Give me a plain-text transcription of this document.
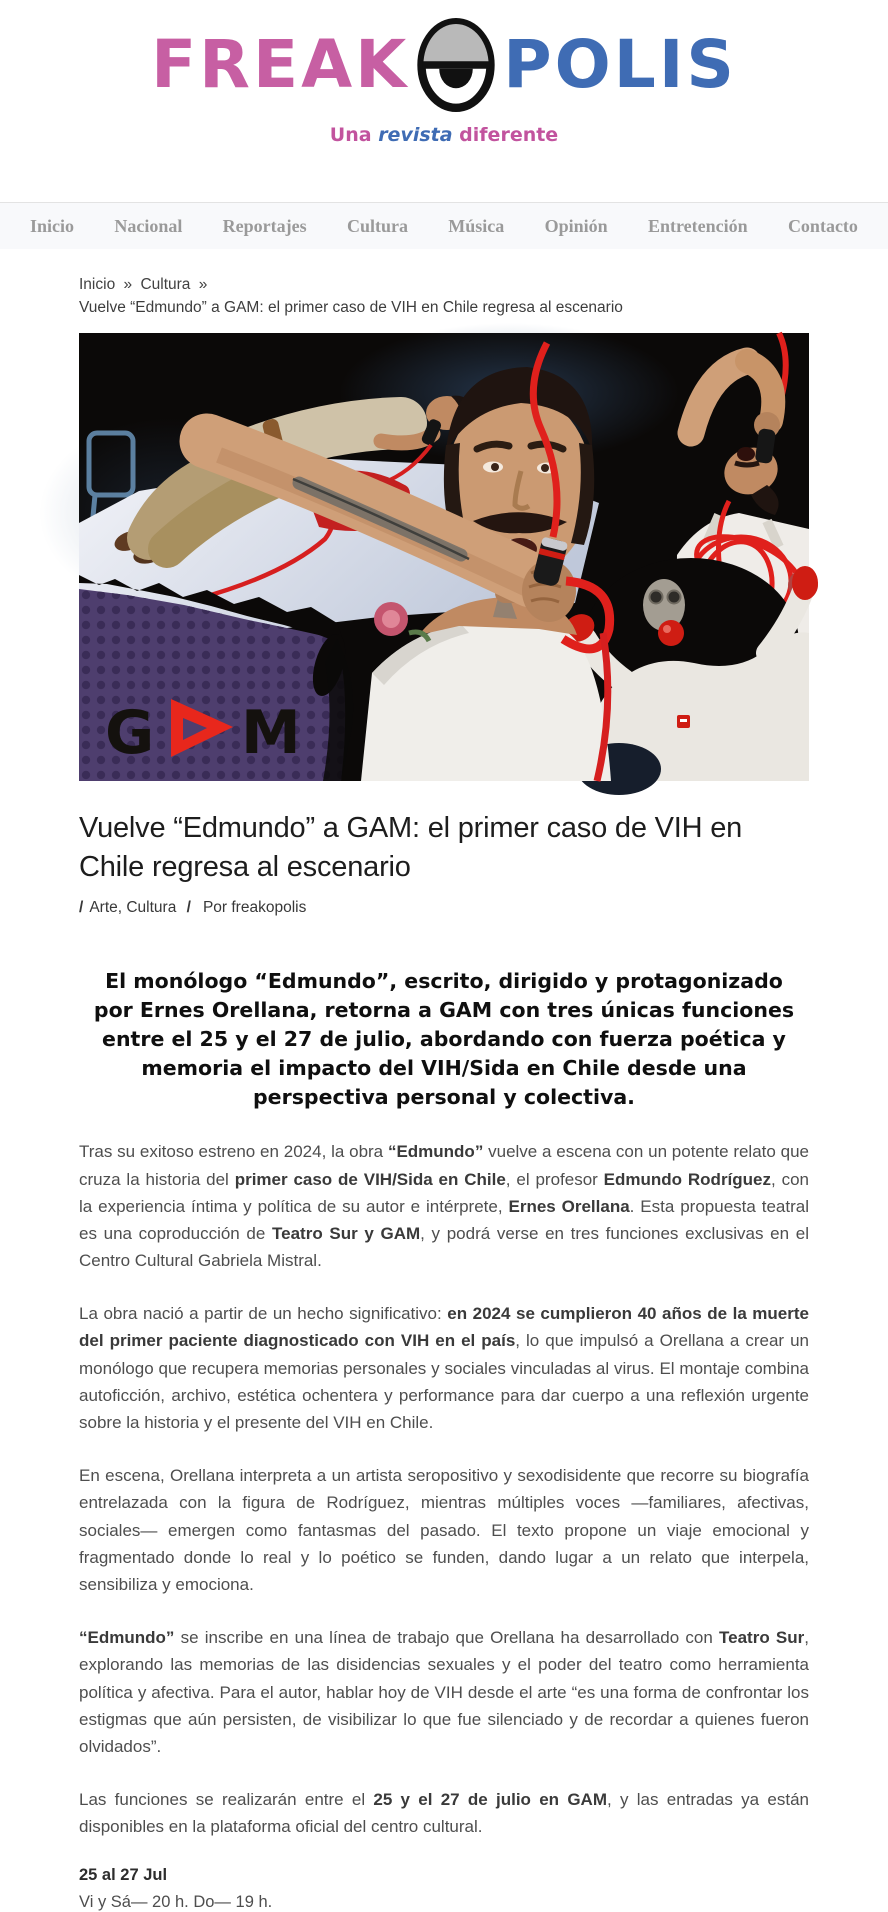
FREAK POLIS
Una revista diferente
Inicio Nacional Reportajes Cultura Música Opinión Entretención Contacto
Inicio » Cultura »
Vuelve “Edmundo” a GAM: el primer caso de VIH en Chile regresa al escenario
G M
Vuelve “Edmundo” a GAM: el primer caso de VIH en Chile regresa al escenario
/ Arte, Cultura / Por freakopolis

El monólogo “Edmundo”, escrito, dirigido y protagonizado por Ernes Orellana, retorna a GAM con tres únicas funciones entre el 25 y el 27 de julio, abordando con fuerza poética y memoria el impacto del VIH/Sida en Chile desde una perspectiva personal y colectiva.

Tras su exitoso estreno en 2024, la obra “Edmundo” vuelve a escena con un potente relato que cruza la historia del primer caso de VIH/Sida en Chile, el profesor Edmundo Rodríguez, con la experiencia íntima y política de su autor e intérprete, Ernes Orellana. Esta propuesta teatral es una coproducción de Teatro Sur y GAM, y podrá verse en tres funciones exclusivas en el Centro Cultural Gabriela Mistral.

La obra nació a partir de un hecho significativo: en 2024 se cumplieron 40 años de la muerte del primer paciente diagnosticado con VIH en el país, lo que impulsó a Orellana a crear un monólogo que recupera memorias personales y sociales vinculadas al virus. El montaje combina autoficción, archivo, estética ochentera y performance para dar cuerpo a una reflexión urgente sobre la historia y el presente del VIH en Chile.

En escena, Orellana interpreta a un artista seropositivo y sexodisidente que recorre su biografía entrelazada con la figura de Rodríguez, mientras múltiples voces —familiares, afectivas, sociales— emergen como fantasmas del pasado. El texto propone un viaje emocional y fragmentado donde lo real y lo poético se funden, dando lugar a un relato que interpela, sensibiliza y emociona.

“Edmundo” se inscribe en una línea de trabajo que Orellana ha desarrollado con Teatro Sur, explorando las memorias de las disidencias sexuales y el poder del teatro como herramienta política y afectiva. Para el autor, hablar hoy de VIH desde el arte “es una forma de confrontar los estigmas que aún persisten, de visibilizar lo que fue silenciado y de recordar a quienes fueron olvidados”.

Las funciones se realizarán entre el 25 y el 27 de julio en GAM, y las entradas ya están disponibles en la plataforma oficial del centro cultural.

25 al 27 Jul
Vi y Sá— 20 h. Do— 19 h.
